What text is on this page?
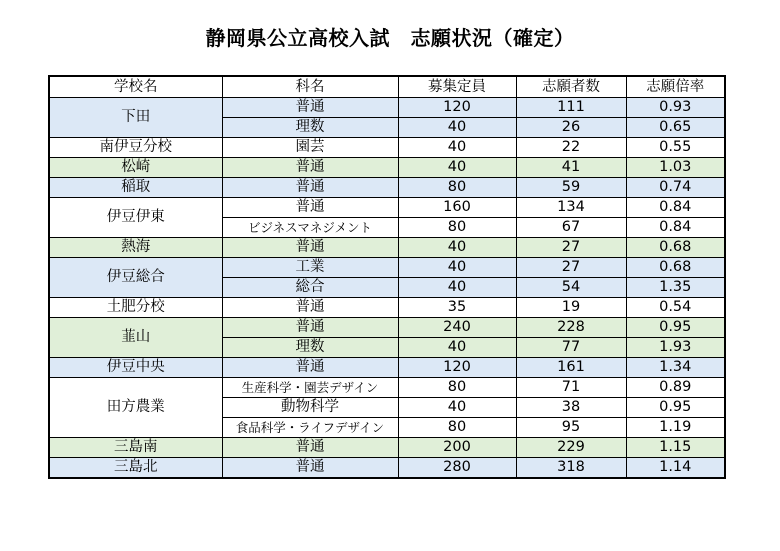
静岡県公立高校入試　志願状況（確定）
学校名	科名	募集定員	志願者数	志願倍率
下田	普通	120	111	0.93
	理数	40	26	0.65
南伊豆分校	園芸	40	22	0.55
松崎	普通	40	41	1.03
稲取	普通	80	59	0.74
伊豆伊東	普通	160	134	0.84
	ビジネスマネジメント	80	67	0.84
熱海	普通	40	27	0.68
伊豆総合	工業	40	27	0.68
	総合	40	54	1.35
土肥分校	普通	35	19	0.54
韮山	普通	240	228	0.95
	理数	40	77	1.93
伊豆中央	普通	120	161	1.34
田方農業	生産科学・園芸デザイン	80	71	0.89
	動物科学	40	38	0.95
	食品科学・ライフデザイン	80	95	1.19
三島南	普通	200	229	1.15
三島北	普通	280	318	1.14
